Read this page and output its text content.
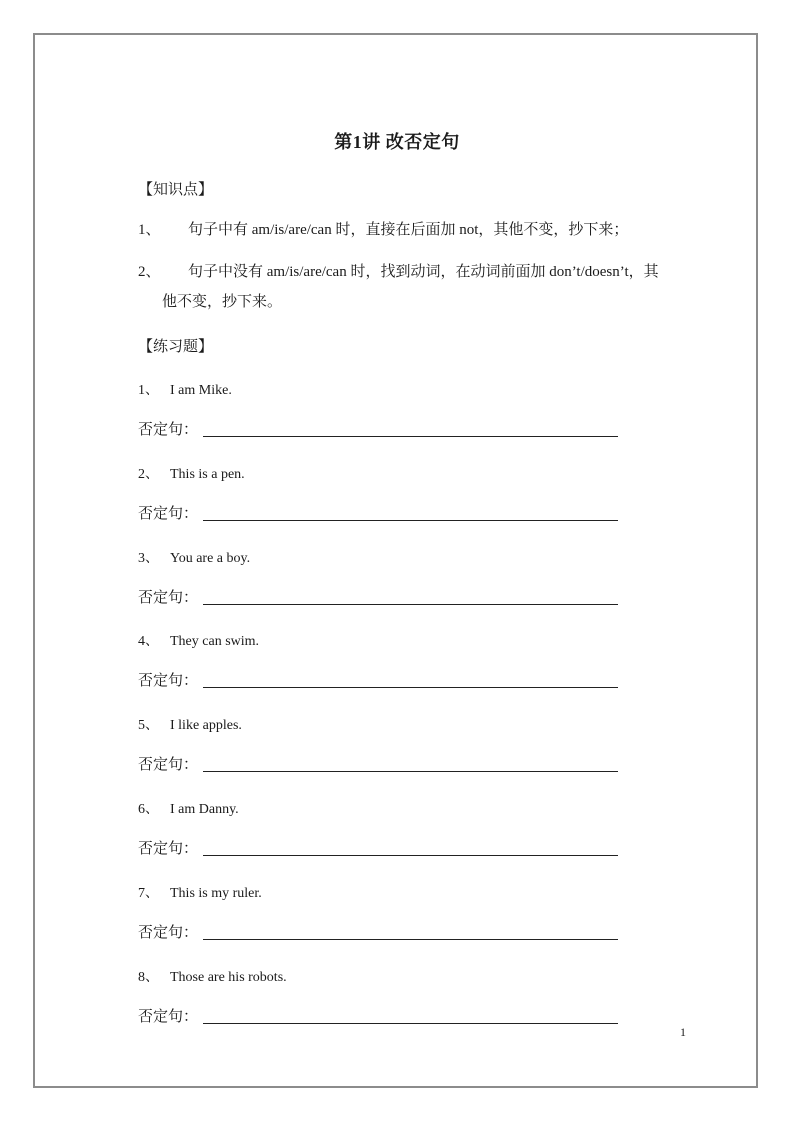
第1讲 改否定句
【知识点】
1、 句子中有 am/is/are/can 时，直接在后面加 not，其他不变，抄下来；
2、 句子中没有 am/is/are/can 时，找到动词，在动词前面加 don’t/doesn’t，其
他不变，抄下来。
【练习题】
1、 I am Mike.
否定句：
2、 This is a pen.
否定句：
3、 You are a boy.
否定句：
4、 They can swim.
否定句：
5、 I like apples.
否定句：
6、 I am Danny.
否定句：
7、 This is my ruler.
否定句：
8、 Those are his robots.
否定句：
1
